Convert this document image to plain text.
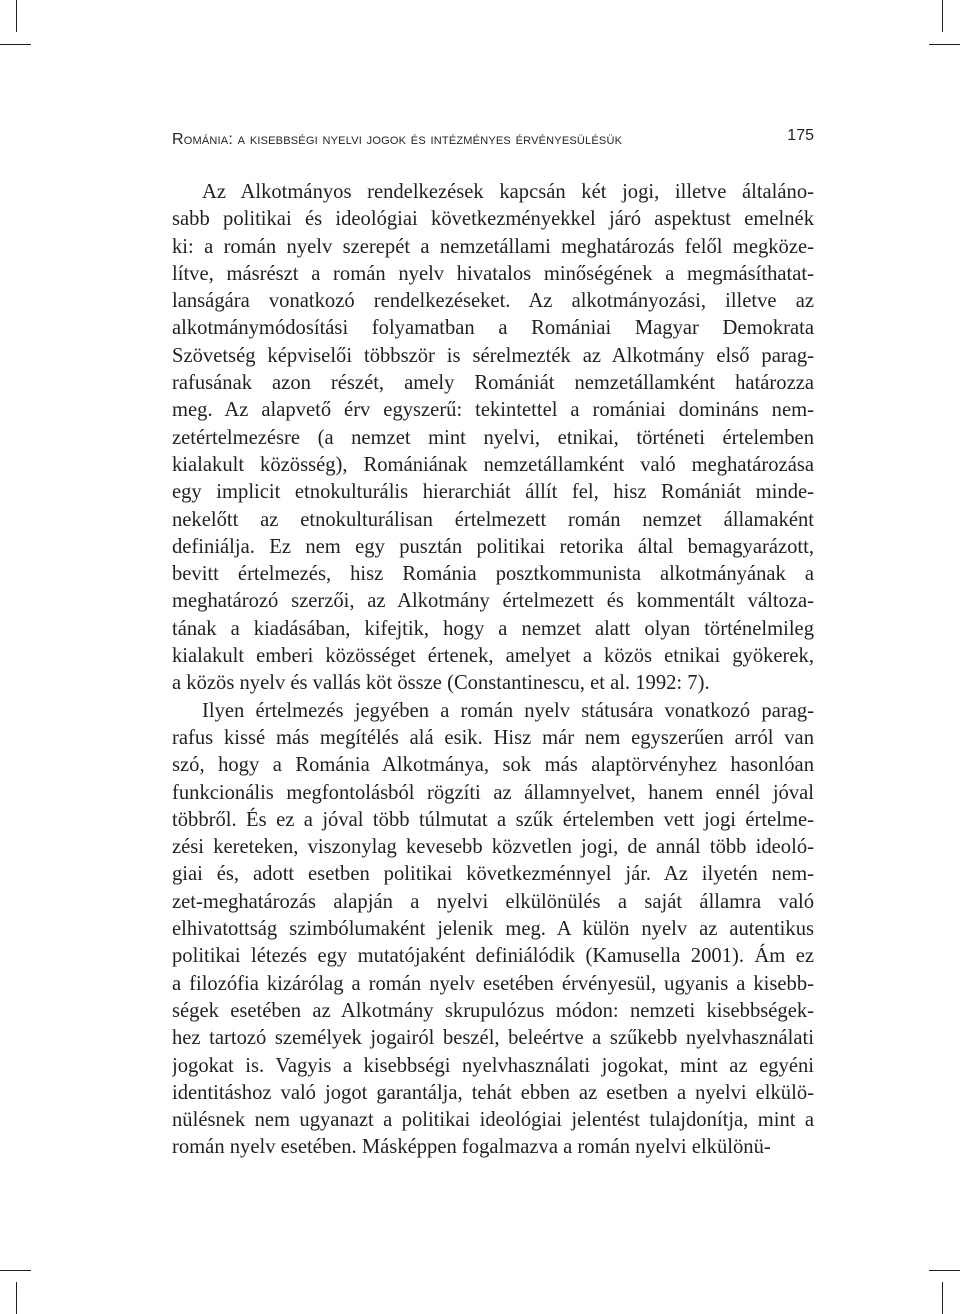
Románia: a kisebbségi nyelvi jogok és intézményes érvényesülésük	175
Az Alkotmányos rendelkezések kapcsán két jogi, illetve általáno-
sabb politikai és ideológiai következményekkel járó aspektust emelnék
ki: a román nyelv szerepét a nemzetállami meghatározás felől megköze-
lítve, másrészt a román nyelv hivatalos minőségének a megmásíthatat-
lanságára vonatkozó rendelkezéseket. Az alkotmányozási, illetve az
alkotmánymódosítási folyamatban a Romániai Magyar Demokrata
Szövetség képviselői többször is sérelmezték az Alkotmány első parag-
rafusának azon részét, amely Romániát nemzetállamként határozza
meg. Az alapvető érv egyszerű: tekintettel a romániai domináns nem-
zetértelmezésre (a nemzet mint nyelvi, etnikai, történeti értelemben
kialakult közösség), Romániának nemzetállamként való meghatározása
egy implicit etnokulturális hierarchiát állít fel, hisz Romániát minde-
nekelőtt az etnokulturálisan értelmezett román nemzet államaként
definiálja. Ez nem egy pusztán politikai retorika által bemagyarázott,
bevitt értelmezés, hisz Románia posztkommunista alkotmányának a
meghatározó szerzői, az Alkotmány értelmezett és kommentált változa-
tának a kiadásában, kifejtik, hogy a nemzet alatt olyan történelmileg
kialakult emberi közösséget értenek, amelyet a közös etnikai gyökerek,
a közös nyelv és vallás köt össze (Constantinescu, et al. 1992: 7).
Ilyen értelmezés jegyében a román nyelv státusára vonatkozó parag-
rafus kissé más megítélés alá esik. Hisz már nem egyszerűen arról van
szó, hogy a Románia Alkotmánya, sok más alaptörvényhez hasonlóan
funkcionális megfontolásból rögzíti az államnyelvet, hanem ennél jóval
többről. És ez a jóval több túlmutat a szűk értelemben vett jogi értelme-
zési kereteken, viszonylag kevesebb közvetlen jogi, de annál több ideoló-
giai és, adott esetben politikai következménnyel jár. Az ilyetén nem-
zet-meghatározás alapján a nyelvi elkülönülés a saját államra való
elhivatottság szimbólumaként jelenik meg. A külön nyelv az autentikus
politikai létezés egy mutatójaként definiálódik (Kamusella 2001). Ám ez
a filozófia kizárólag a román nyelv esetében érvényesül, ugyanis a kisebb-
ségek esetében az Alkotmány skrupulózus módon: nemzeti kisebbségek-
hez tartozó személyek jogairól beszél, beleértve a szűkebb nyelvhasználati
jogokat is. Vagyis a kisebbségi nyelvhasználati jogokat, mint az egyéni
identitáshoz való jogot garantálja, tehát ebben az esetben a nyelvi elkülö-
nülésnek nem ugyanazt a politikai ideológiai jelentést tulajdonítja, mint a
román nyelv esetében. Másképpen fogalmazva a román nyelvi elkülönü-
